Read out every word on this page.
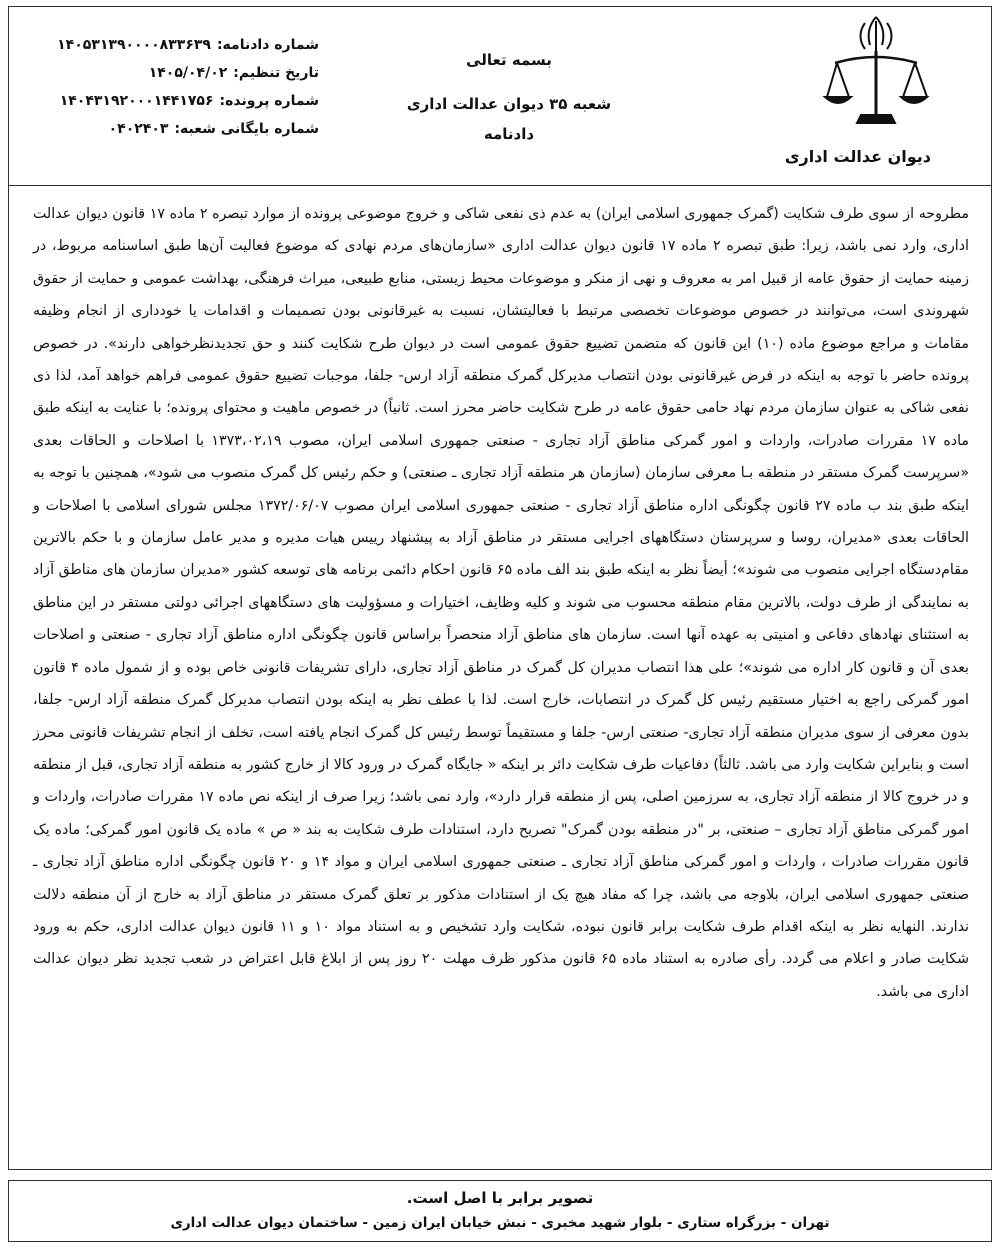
دیوان عدالت اداری
بسمه تعالی
شعبه ۳۵ دیوان عدالت اداری
دادنامه
شماره دادنامه:
۱۴۰۵۳۱۳۹۰۰۰۰۸۳۳۶۳۹
تاریخ تنظیم:
۱۴۰۵/۰۴/۰۲
شماره پرونده:
۱۴۰۴۳۱۹۲۰۰۰۱۴۴۱۷۵۶
شماره بایگانی شعبه:
۰۴۰۲۴۰۳

مطروحه از سوی طرف شکایت (گمرک جمهوری اسلامی ایران) به عدم ذی نفعی شاکی و خروج موضوعی پرونده از موارد تبصره ۲ ماده ۱۷ قانون دیوان عدالت اداری، وارد نمی باشد، زیرا: طبق تبصره ۲ ماده ۱۷ قانون دیوان عدالت اداری «سازمان‌های مردم نهادی که موضوع فعالیت آن‌ها طبق اساسنامه مربوط، در زمینه حمایت از حقوق عامه از قبیل امر به معروف و نهی از منکر و موضوعات محیط زیستی، منابع طبیعی، میراث فرهنگی، بهداشت عمومی و حمایت از حقوق شهروندی است، می‌توانند در خصوص موضوعات تخصصی مرتبط با فعالیتشان، نسبت به غیرقانونی بودن تصمیمات و اقدامات یا خودداری از انجام وظیفه مقامات و مراجع موضوع ماده (۱۰) این قانون که متضمن تضییع حقوق عمومی است در دیوان طرح شکایت کنند و حق تجدیدنظرخواهی دارند». در خصوص پرونده حاضر با توجه به اینکه در فرض غیرقانونی بودن انتصاب مدیرکل گمرک منطقه آزاد ارس- جلفا، موجبات تضییع حقوق عمومی فراهم خواهد آمد، لذا ذی نفعی شاکی به عنوان سازمان مردم نهاد حامی حقوق عامه در طرح شکایت حاضر محرز است. ثانیاً) در خصوص ماهیت و محتوای پرونده؛ با عنایت به اینکه طبق ماده ۱۷ مقررات صادرات، واردات و امور گمرکی مناطق آزاد تجاری - صنعتی جمهوری اسلامی ایران، مصوب ۱۳۷۳،۰۲،۱۹ با اصلاحات و الحاقات بعدی «سرپرست گمرک مستقر در منطقه بـا معرفی سازمان (سازمان هر منطقه آزاد تجاری ـ صنعتی) و حکم رئیس کل گمرک منصوب می شود»، همچنین با توجه به اینکه طبق بند ب ماده ۲۷ قانون چگونگی اداره مناطق آزاد تجاری - صنعتی جمهوری اسلامی ایران مصوب ۱۳۷۲/۰۶/۰۷ مجلس شورای اسلامی با اصلاحات و الحاقات بعدی «مدیران، روسا و سرپرستان دستگاههای اجرایی مستقر در مناطق آزاد به پیشنهاد رییس هیات مدیره و مدیر عامل سازمان و با حکم بالاترین مقام‌دستگاه اجرایی منصوب می شوند»؛ أیضاً نظر به اینکه طبق بند الف ماده ۶۵ قانون احکام دائمی برنامه های توسعه کشور «مدیران سازمان های مناطق آزاد به نمایندگی از طرف دولت، بالاترین مقام منطقه محسوب می شوند و کلیه وظایف، اختیارات و مسؤولیت های دستگاههای اجرائی دولتی مستقر در این مناطق به استثنای نهادهای دفاعی و امنیتی به عهده آنها است. سازمان های مناطق آزاد منحصراً براساس قانون چگونگی اداره مناطق آزاد تجاری - صنعتی و اصلاحات بعدی آن و قانون کار اداره می شوند»؛ علی هذا انتصاب مدیران کل گمرک در مناطق آزاد تجاری، دارای تشریفات قانونی خاص بوده و از شمول ماده ۴ قانون امور گمرکی راجع به اختیار مستقیم رئیس کل گمرک در انتصابات، خارج است. لذا با عطف نظر به اینکه بودن انتصاب مدیرکل گمرک منطقه آزاد ارس- جلفا، بدون معرفی از سوی مدیران منطقه آزاد تجاری- صنعتی ارس- جلفا و مستقیماً توسط رئیس کل گمرک انجام یافته است، تخلف از انجام تشریفات قانونی محرز است و بنابراین شکایت وارد می باشد. ثالثاً) دفاعیات طرف شکایت دائر بر اینکه « جایگاه گمرک در ورود کالا از خارج کشور به منطقه آزاد تجاری، قبل از منطقه و در خروج کالا از منطقه آزاد تجاری، به سرزمین اصلی، پس از منطقه قرار دارد»، وارد نمی باشد؛ زیرا صرف از اینکه نص ماده ۱۷ مقررات صادرات، واردات و امور گمرکی مناطق آزاد تجاری – صنعتی، بر "در منطقه بودن گمرک" تصریح دارد، استنادات طرف شکایت به بند « ص » ماده یک قانون امور گمرکی؛ ماده یک قانون مقررات صادرات ، واردات و امور گمرکی مناطق آزاد تجاری ـ صنعتی جمهوری اسلامی ایران و مواد ۱۴ و ۲۰ قانون چگونگی اداره مناطق آزاد تجاری ـ صنعتی جمهوری اسلامی ایران، بلاوجه می باشد، چرا که مفاد هیچ یک از استنادات مذکور بر تعلق گمرک مستقر در مناطق آزاد به خارج از آن منطقه دلالت ندارند. النهایه نظر به اینکه اقدام طرف شکایت برابر قانون نبوده، شکایت وارد تشخیص و به استناد مواد ۱۰ و ۱۱ قانون دیوان عدالت اداری، حکم به ورود شکایت صادر و اعلام می گردد. رأی صادره به استناد ماده ۶۵ قانون مذکور ظرف مهلت ۲۰ روز پس از ابلاغ قابل اعتراض در شعب تجدید نظر دیوان عدالت اداری می باشد.

تصویر برابر با اصل است.
تهران - بزرگراه ستاری - بلوار شهید مخبری - نبش خیابان ایران زمین - ساختمان دیوان عدالت اداری
